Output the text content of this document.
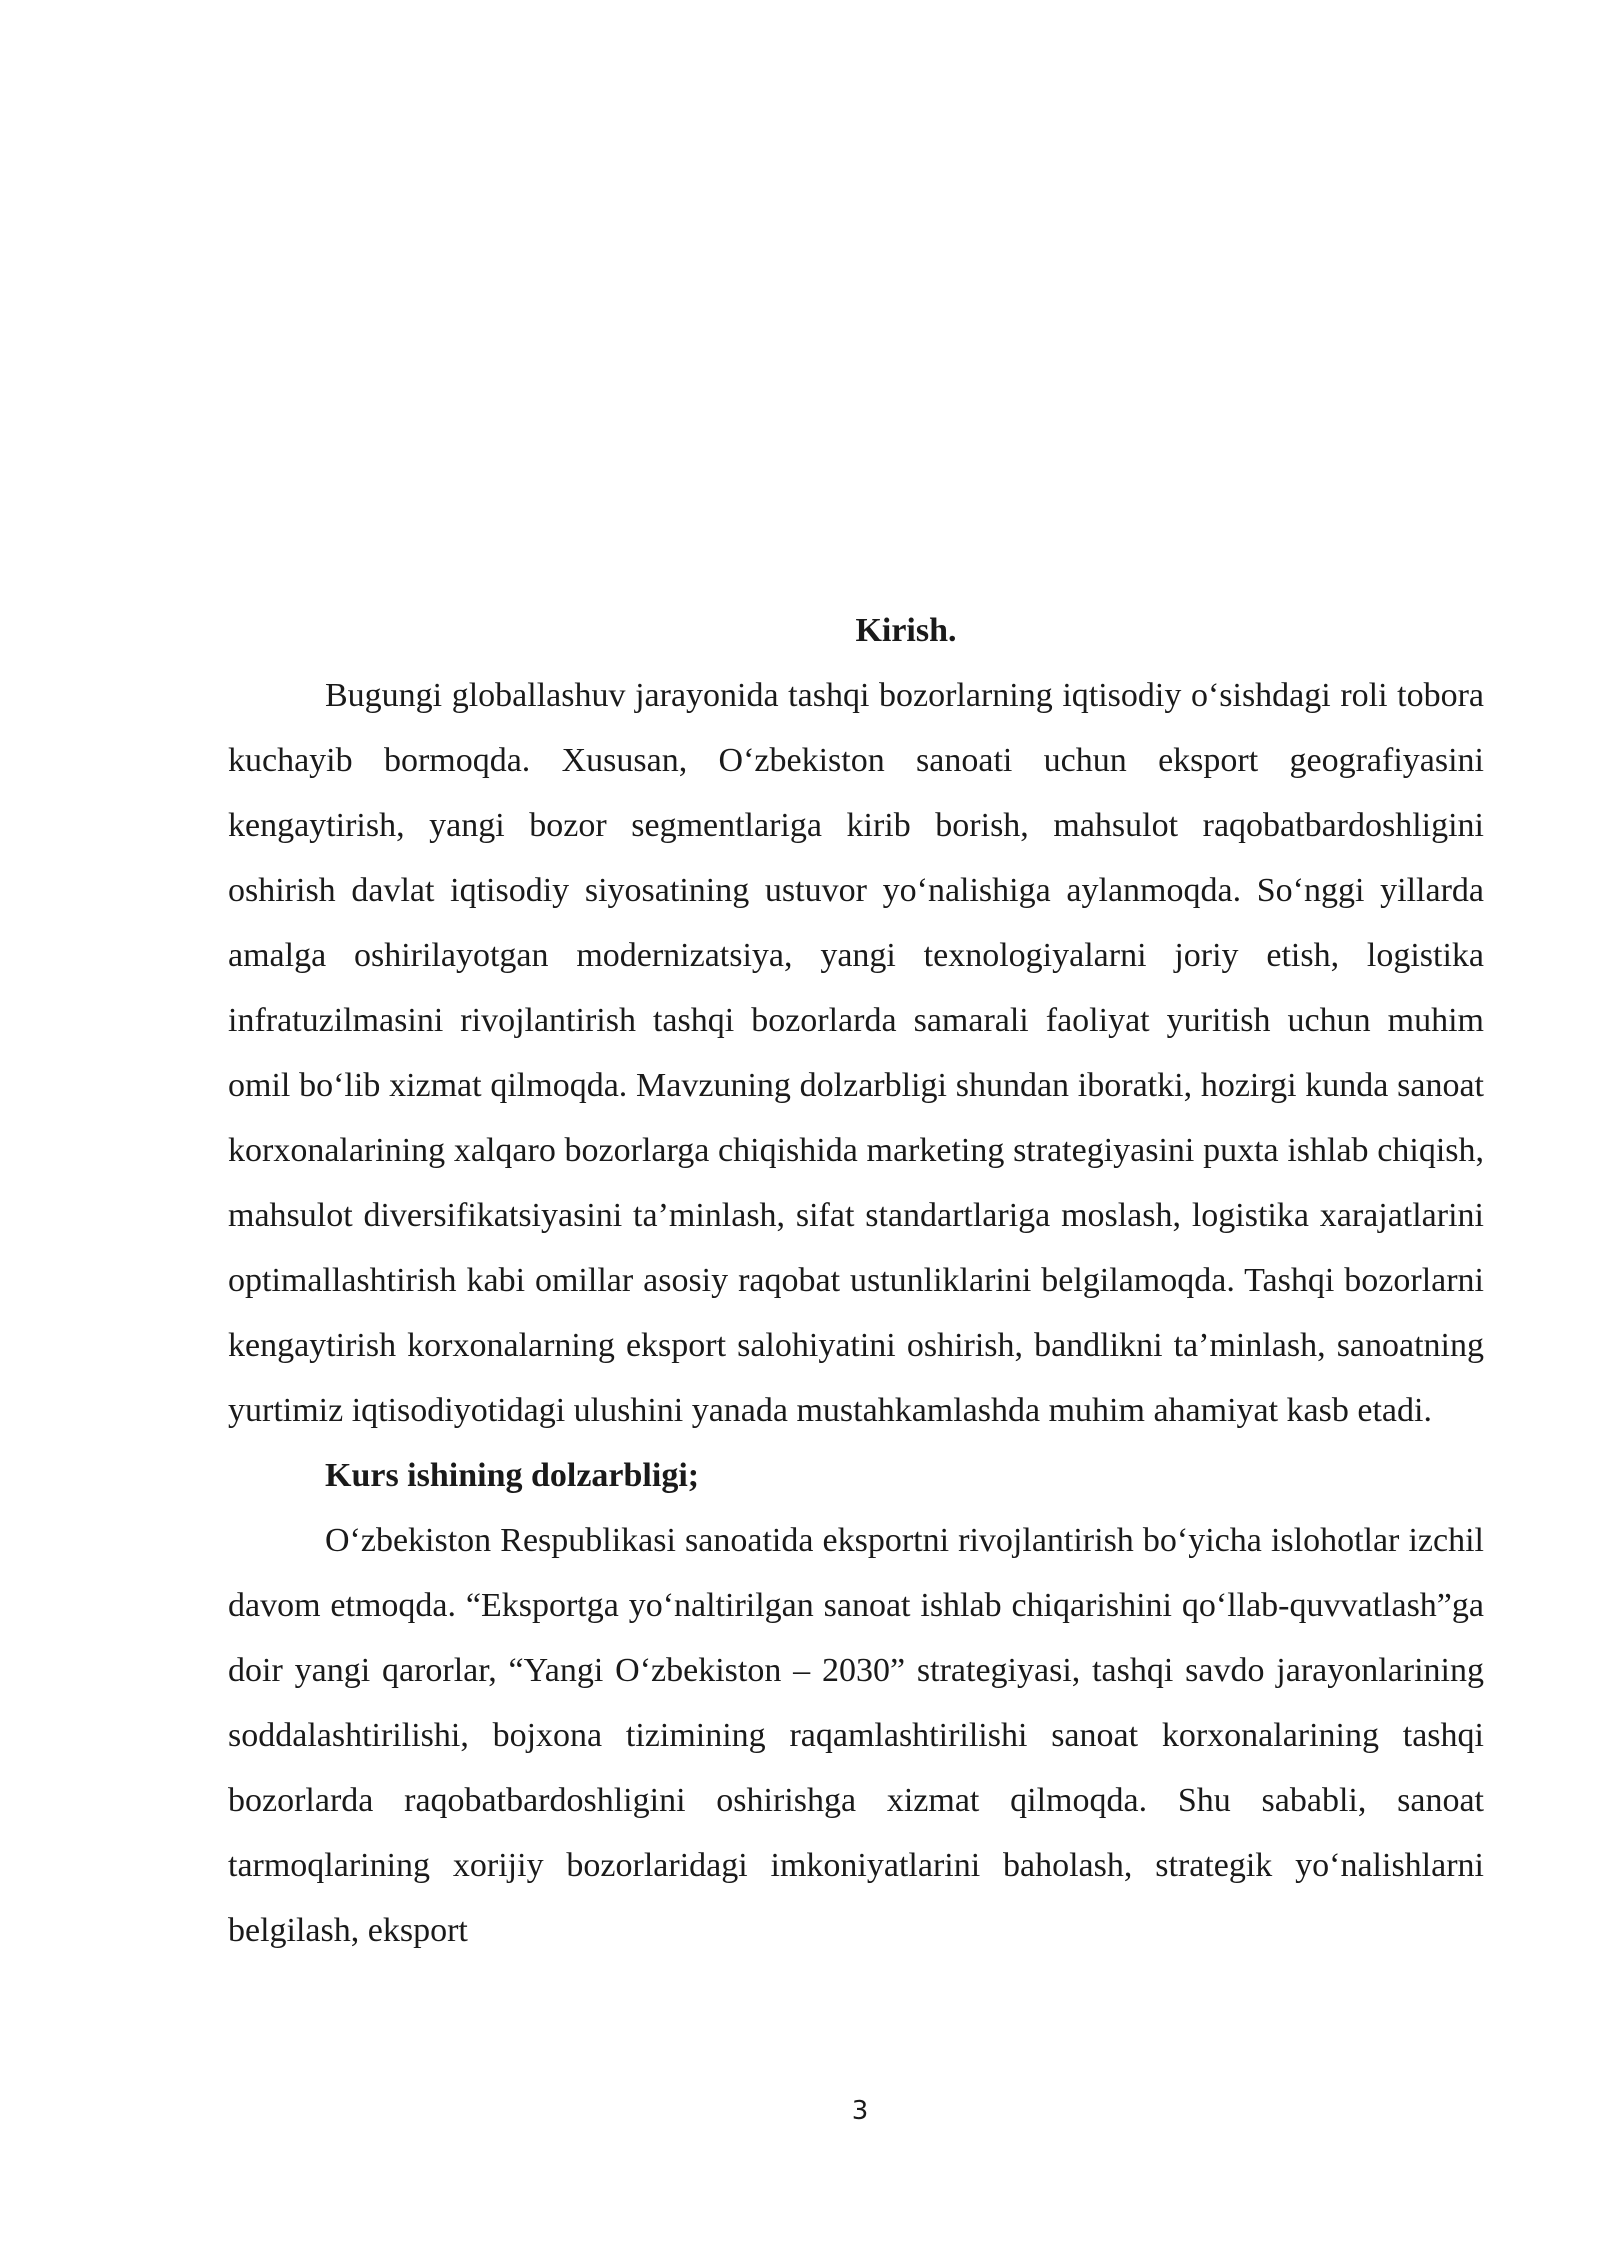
Kirish.

Bugungi globallashuv jarayonida tashqi bozorlarning iqtisodiy o‘sishdagi roli tobora kuchayib bormoqda. Xususan, O‘zbekiston sanoati uchun eksport geografiyasini kengaytirish, yangi bozor segmentlariga kirib borish, mahsulot raqobatbardoshligini oshirish davlat iqtisodiy siyosatining ustuvor yo‘nalishiga aylanmoqda. So‘nggi yillarda amalga oshirilayotgan modernizatsiya, yangi texnologiyalarni joriy etish, logistika infratuzilmasini rivojlantirish tashqi bozorlarda samarali faoliyat yuritish uchun muhim omil bo‘lib xizmat qilmoqda. Mavzuning dolzarbligi shundan iboratki, hozirgi kunda sanoat korxonalarining xalqaro bozorlarga chiqishida marketing strategiyasini puxta ishlab chiqish, mahsulot diversifikatsiyasini ta’minlash, sifat standartlariga moslash, logistika xarajatlarini optimallashtirish kabi omillar asosiy raqobat ustunliklarini belgilamoqda. Tashqi bozorlarni kengaytirish korxonalarning eksport salohiyatini oshirish, bandlikni ta’minlash, sanoatning yurtimiz iqtisodiyotidagi ulushini yanada mustahkamlashda muhim ahamiyat kasb etadi.

Kurs ishining dolzarbligi;

O‘zbekiston Respublikasi sanoatida eksportni rivojlantirish bo‘yicha islohotlar izchil davom etmoqda. “Eksportga yo‘naltirilgan sanoat ishlab chiqarishini qo‘llab-quvvatlash”ga doir yangi qarorlar, “Yangi O‘zbekiston – 2030” strategiyasi, tashqi savdo jarayonlarining soddalashtirilishi, bojxona tizimining raqamlashtirilishi sanoat korxonalarining tashqi bozorlarda raqobatbardoshligini oshirishga xizmat qilmoqda. Shu sababli, sanoat tarmoqlarining xorijiy bozorlaridagi imkoniyatlarini baholash, strategik yo‘nalishlarni belgilash, eksport

3
